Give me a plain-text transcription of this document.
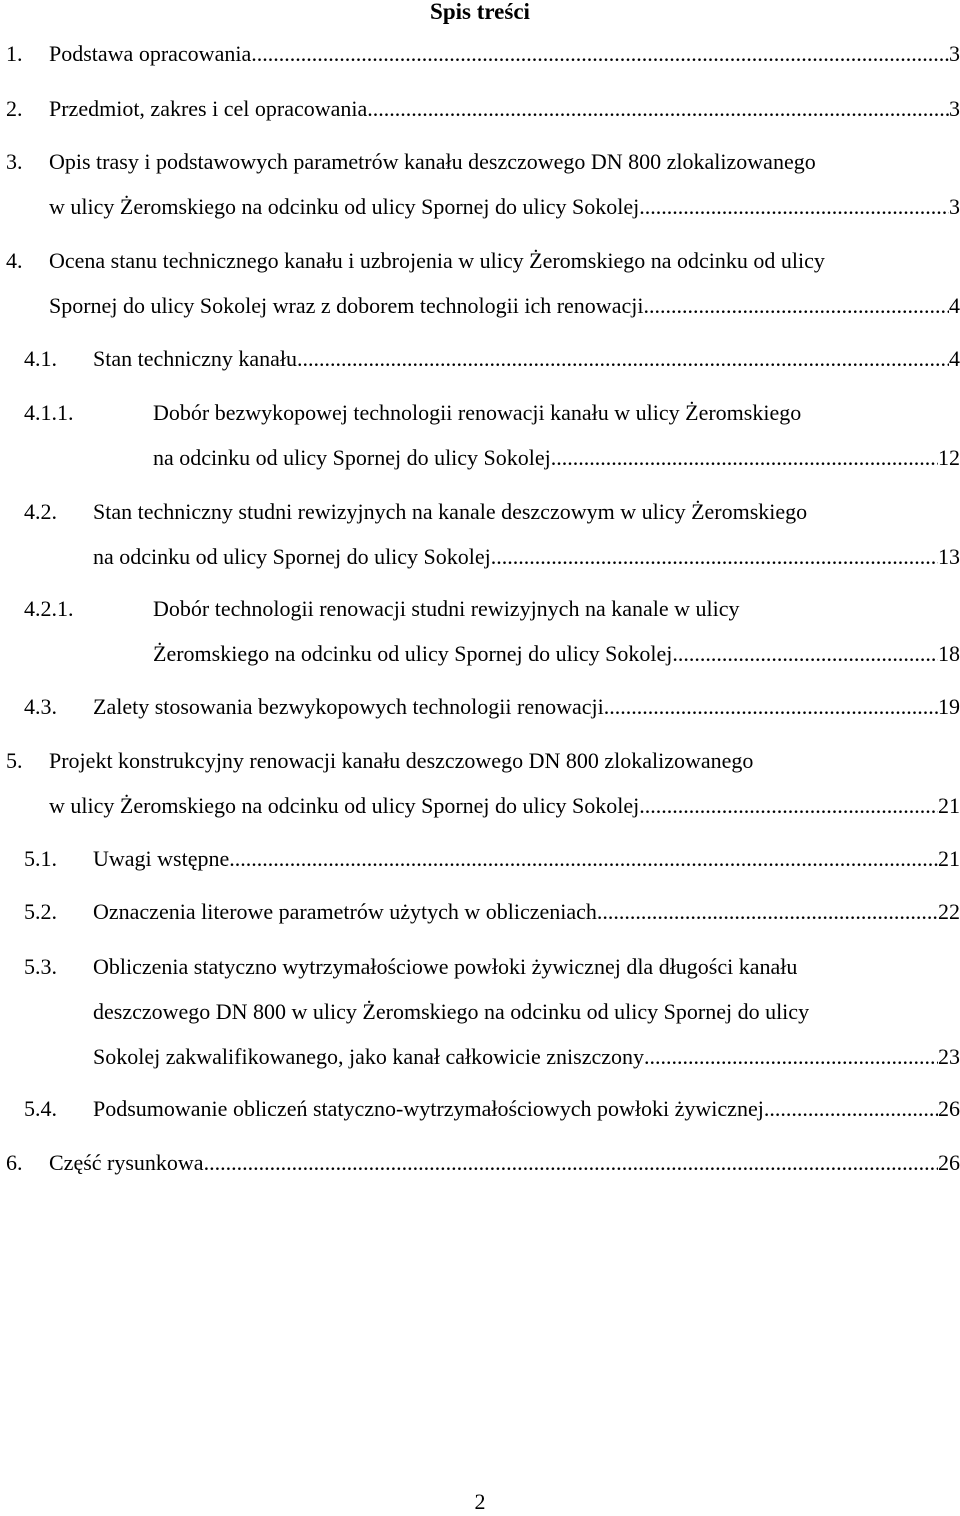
Spis treści
1. Podstawa opracowania .....	3
2. Przedmiot, zakres i cel opracowania .....	3
3. Opis trasy i podstawowych parametrów kanału deszczowego DN 800 zlokalizowanego
w ulicy Żeromskiego na odcinku od ulicy Spornej do ulicy Sokolej .....	3
4. Ocena stanu technicznego kanału i uzbrojenia w ulicy Żeromskiego na odcinku od ulicy
Spornej do ulicy Sokolej wraz z doborem technologii ich renowacji .....	4
4.1. Stan techniczny kanału .....	4
4.1.1.	Dobór bezwykopowej technologii renowacji kanału w ulicy Żeromskiego
na odcinku od ulicy Spornej do ulicy Sokolej .....	12
4.2. Stan techniczny studni rewizyjnych na kanale deszczowym w ulicy Żeromskiego
na odcinku od ulicy Spornej do ulicy Sokolej .....	13
4.2.1.	Dobór technologii renowacji studni rewizyjnych na kanale w ulicy
Żeromskiego na odcinku od ulicy Spornej do ulicy Sokolej .....	18
4.3. Zalety stosowania bezwykopowych technologii renowacji .....	19
5. Projekt konstrukcyjny renowacji kanału deszczowego DN 800 zlokalizowanego
w ulicy Żeromskiego na odcinku od ulicy Spornej do ulicy Sokolej .....	21
5.1. Uwagi wstępne .....	21
5.2. Oznaczenia literowe parametrów użytych w obliczeniach .....	22
5.3. Obliczenia statyczno wytrzymałościowe powłoki żywicznej dla długości kanału
deszczowego DN 800 w ulicy Żeromskiego na odcinku od ulicy Spornej do ulicy
Sokolej zakwalifikowanego, jako kanał całkowicie zniszczony .....	23
5.4. Podsumowanie obliczeń statyczno-wytrzymałościowych powłoki żywicznej .....	26
6. Część rysunkowa .....	26
2
